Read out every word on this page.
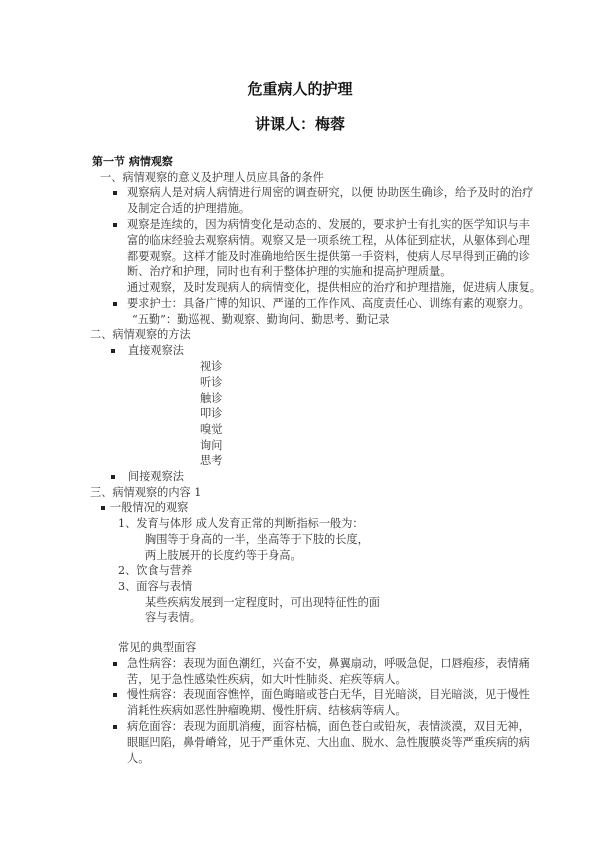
危重病人的护理
讲课人：梅蓉
第一节 病情观察
一、病情观察的意义及护理人员应具备的条件
观察病人是对病人病情进行周密的调查研究，以便 协助医生确诊，给予及时的治疗
及制定合适的护理措施。
观察是连续的，因为病情变化是动态的、发展的，要求护士有扎实的医学知识与丰
富的临床经验去观察病情。观察又是一项系统工程，从体征到症状，从躯体到心理
都要观察。这样才能及时准确地给医生提供第一手资料，使病人尽早得到正确的诊
断、治疗和护理，同时也有利于整体护理的实施和提高护理质量。
通过观察，及时发现病人的病情变化，提供相应的治疗和护理措施，促进病人康复。
要求护士：具备广博的知识、严谨的工作作风、高度责任心、训练有素的观察力。
“五勤”：勤巡视、勤观察、勤询问、勤思考、勤记录
二、病情观察的方法
直接观察法
视诊
听诊
触诊
叩诊
嗅觉
询问
思考
间接观察法
三、病情观察的内容 1
一般情况的观察
1、发育与体形 成人发育正常的判断指标一般为：
胸围等于身高的一半，坐高等于下肢的长度，
两上肢展开的长度约等于身高。
2、饮食与营养
3、面容与表情
某些疾病发展到一定程度时，可出现特征性的面
容与表情。
常见的典型面容
急性病容：表现为面色潮红，兴奋不安，鼻翼扇动，呼吸急促，口唇疱疹，表情痛
苦，见于急性感染性疾病，如大叶性肺炎、疟疾等病人。
慢性病容：表现面容憔悴，面色晦暗或苍白无华，目光暗淡，目光暗淡，见于慢性
消耗性疾病如恶性肿瘤晚期、慢性肝病、结核病等病人。
病危面容：表现为面肌消瘦，面容枯槁，面色苍白或铅灰，表情淡漠，双目无神，
眼眶凹陷，鼻骨嵴耸，见于严重休克、大出血、脱水、急性腹膜炎等严重疾病的病
人。
